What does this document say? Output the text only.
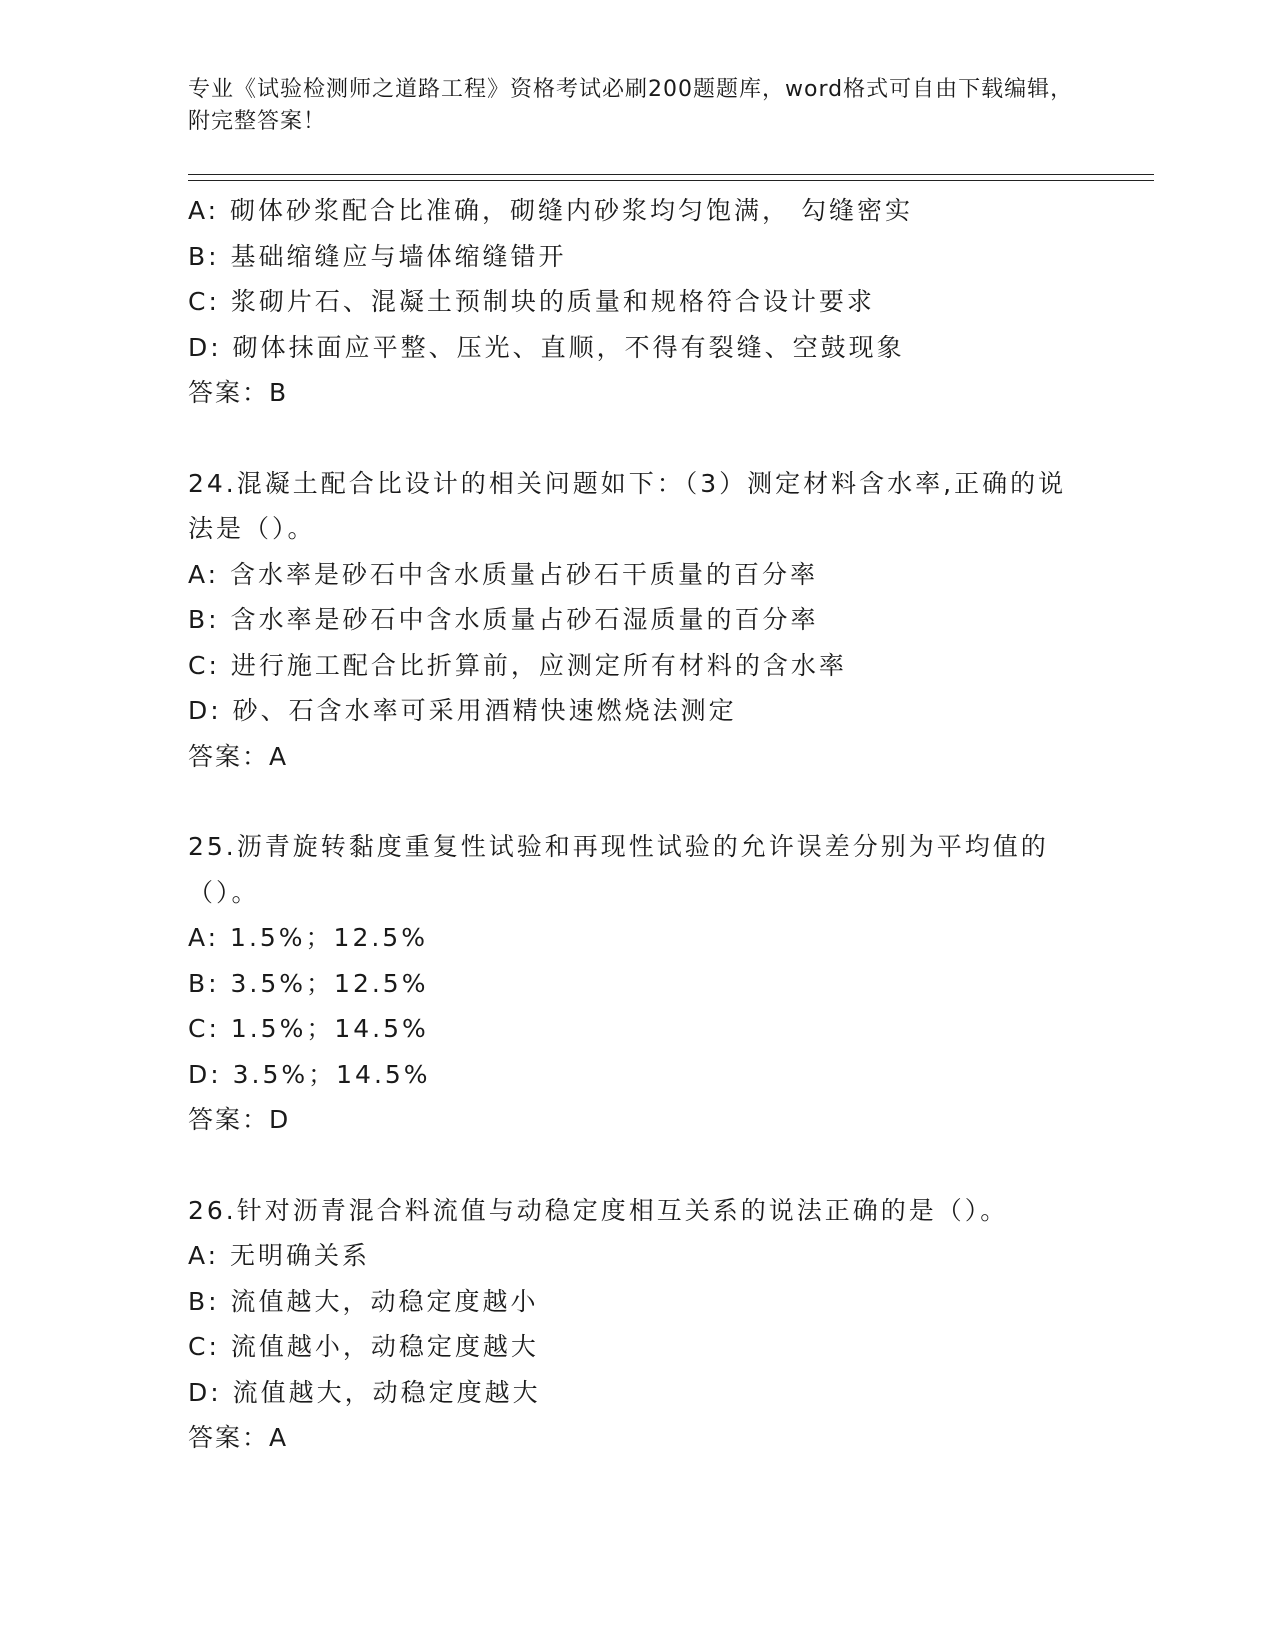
专业《试验检测师之道路工程》资格考试必刷200题题库，word格式可自由下载编辑，附完整答案！
A: 砌体砂浆配合比准确，砌缝内砂浆均匀饱满， 勾缝密实
B: 基础缩缝应与墙体缩缝错开
C: 浆砌片石、混凝土预制块的质量和规格符合设计要求
D: 砌体抹面应平整、压光、直顺，不得有裂缝、空鼓现象
答案：B
24.混凝土配合比设计的相关问题如下：（3）测定材料含水率,正确的说法是（）。
A: 含水率是砂石中含水质量占砂石干质量的百分率
B: 含水率是砂石中含水质量占砂石湿质量的百分率
C: 进行施工配合比折算前，应测定所有材料的含水率
D: 砂、石含水率可采用酒精快速燃烧法测定
答案：A
25.沥青旋转黏度重复性试验和再现性试验的允许误差分别为平均值的（）。
A: 1.5%；12.5%
B: 3.5%；12.5%
C: 1.5%；14.5%
D: 3.5%；14.5%
答案：D
26.针对沥青混合料流值与动稳定度相互关系的说法正确的是（）。
A: 无明确关系
B: 流值越大，动稳定度越小
C: 流值越小，动稳定度越大
D: 流值越大，动稳定度越大
答案：A
